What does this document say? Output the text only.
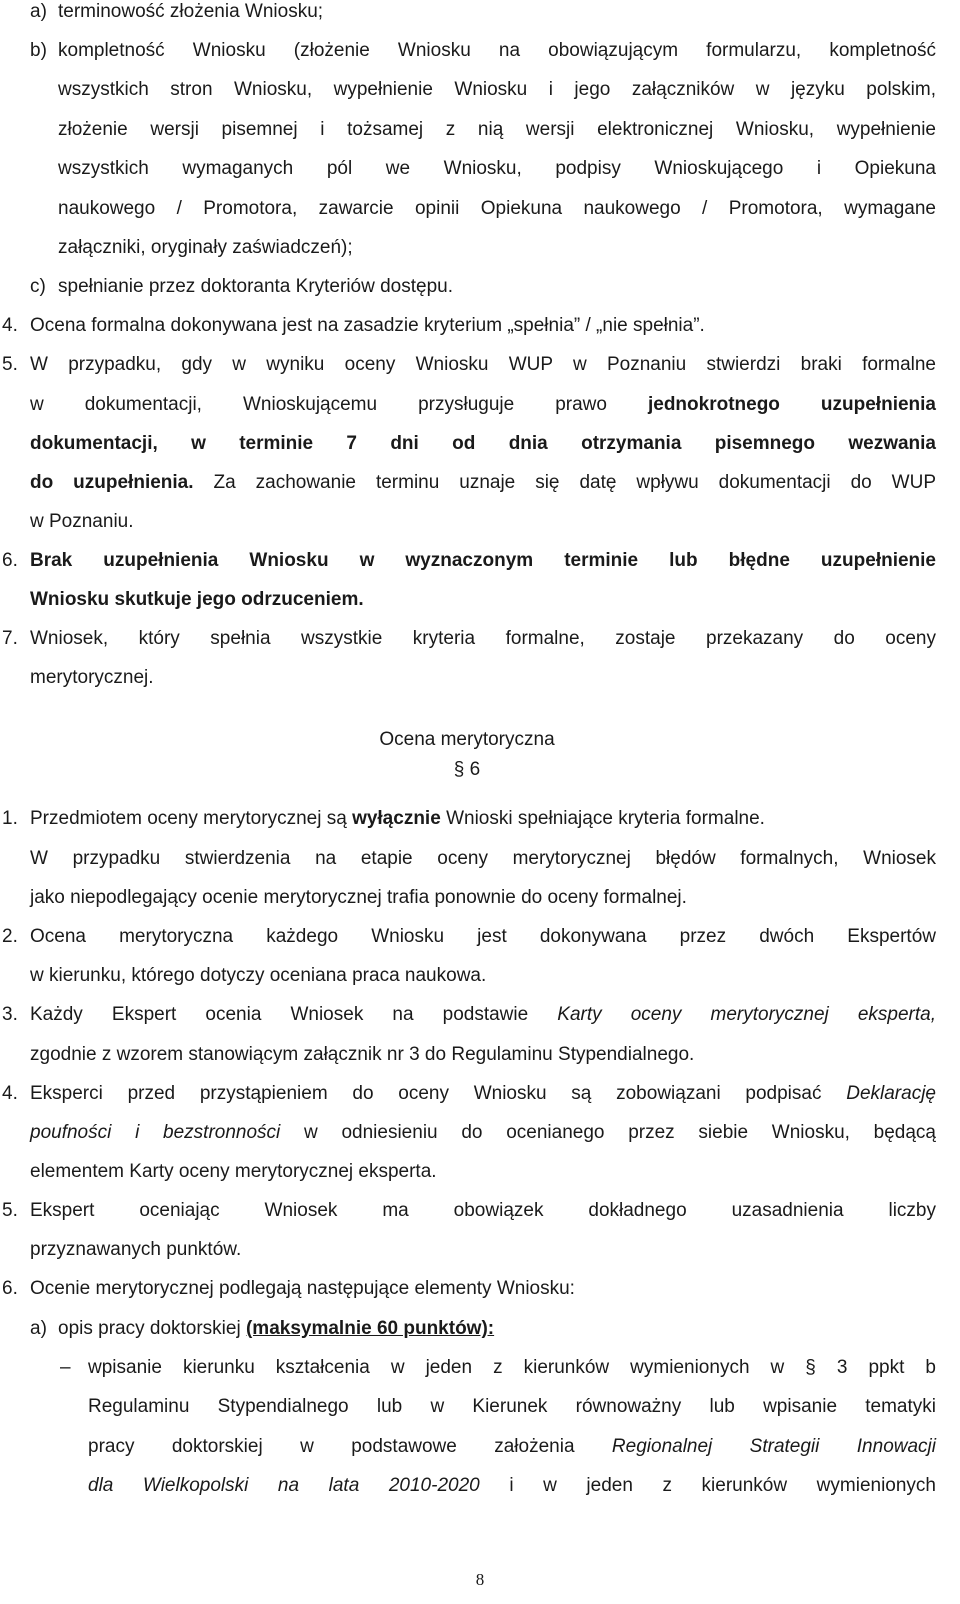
a) terminowość złożenia Wniosku;
b) kompletność Wniosku (złożenie Wniosku na obowiązującym formularzu, kompletność
wszystkich stron Wniosku, wypełnienie Wniosku i jego załączników w języku polskim,
złożenie wersji pisemnej i tożsamej z nią wersji elektronicznej Wniosku, wypełnienie
wszystkich wymaganych pól we Wniosku, podpisy Wnioskującego i Opiekuna
naukowego / Promotora, zawarcie opinii Opiekuna naukowego / Promotora, wymagane
załączniki, oryginały zaświadczeń);
c) spełnianie przez doktoranta Kryteriów dostępu.
4. Ocena formalna dokonywana jest na zasadzie kryterium „spełnia” / „nie spełnia”.
5. W przypadku, gdy w wyniku oceny Wniosku WUP w Poznaniu stwierdzi braki formalne
w dokumentacji, Wnioskującemu przysługuje prawo jednokrotnego uzupełnienia
dokumentacji, w terminie 7 dni od dnia otrzymania pisemnego wezwania
do uzupełnienia. Za zachowanie terminu uznaje się datę wpływu dokumentacji do WUP
w Poznaniu.
6. Brak uzupełnienia Wniosku w wyznaczonym terminie lub błędne uzupełnienie
Wniosku skutkuje jego odrzuceniem.
7. Wniosek, który spełnia wszystkie kryteria formalne, zostaje przekazany do oceny
merytorycznej.
Ocena merytoryczna
§ 6
1. Przedmiotem oceny merytorycznej są wyłącznie Wnioski spełniające kryteria formalne.
W przypadku stwierdzenia na etapie oceny merytorycznej błędów formalnych, Wniosek
jako niepodlegający ocenie merytorycznej trafia ponownie do oceny formalnej.
2. Ocena merytoryczna każdego Wniosku jest dokonywana przez dwóch Ekspertów
w kierunku, którego dotyczy oceniana praca naukowa.
3. Każdy Ekspert ocenia Wniosek na podstawie Karty oceny merytorycznej eksperta,
zgodnie z wzorem stanowiącym załącznik nr 3 do Regulaminu Stypendialnego.
4. Eksperci przed przystąpieniem do oceny Wniosku są zobowiązani podpisać Deklarację
poufności i bezstronności w odniesieniu do ocenianego przez siebie Wniosku, będącą
elementem Karty oceny merytorycznej eksperta.
5. Ekspert oceniając Wniosek ma obowiązek dokładnego uzasadnienia liczby
przyznawanych punktów.
6. Ocenie merytorycznej podlegają następujące elementy Wniosku:
a) opis pracy doktorskiej (maksymalnie 60 punktów):
– wpisanie kierunku kształcenia w jeden z kierunków wymienionych w § 3 ppkt b
Regulaminu Stypendialnego lub w Kierunek równoważny lub wpisanie tematyki
pracy doktorskiej w podstawowe założenia Regionalnej Strategii Innowacji
dla Wielkopolski na lata 2010-2020 i w jeden z kierunków wymienionych
8
